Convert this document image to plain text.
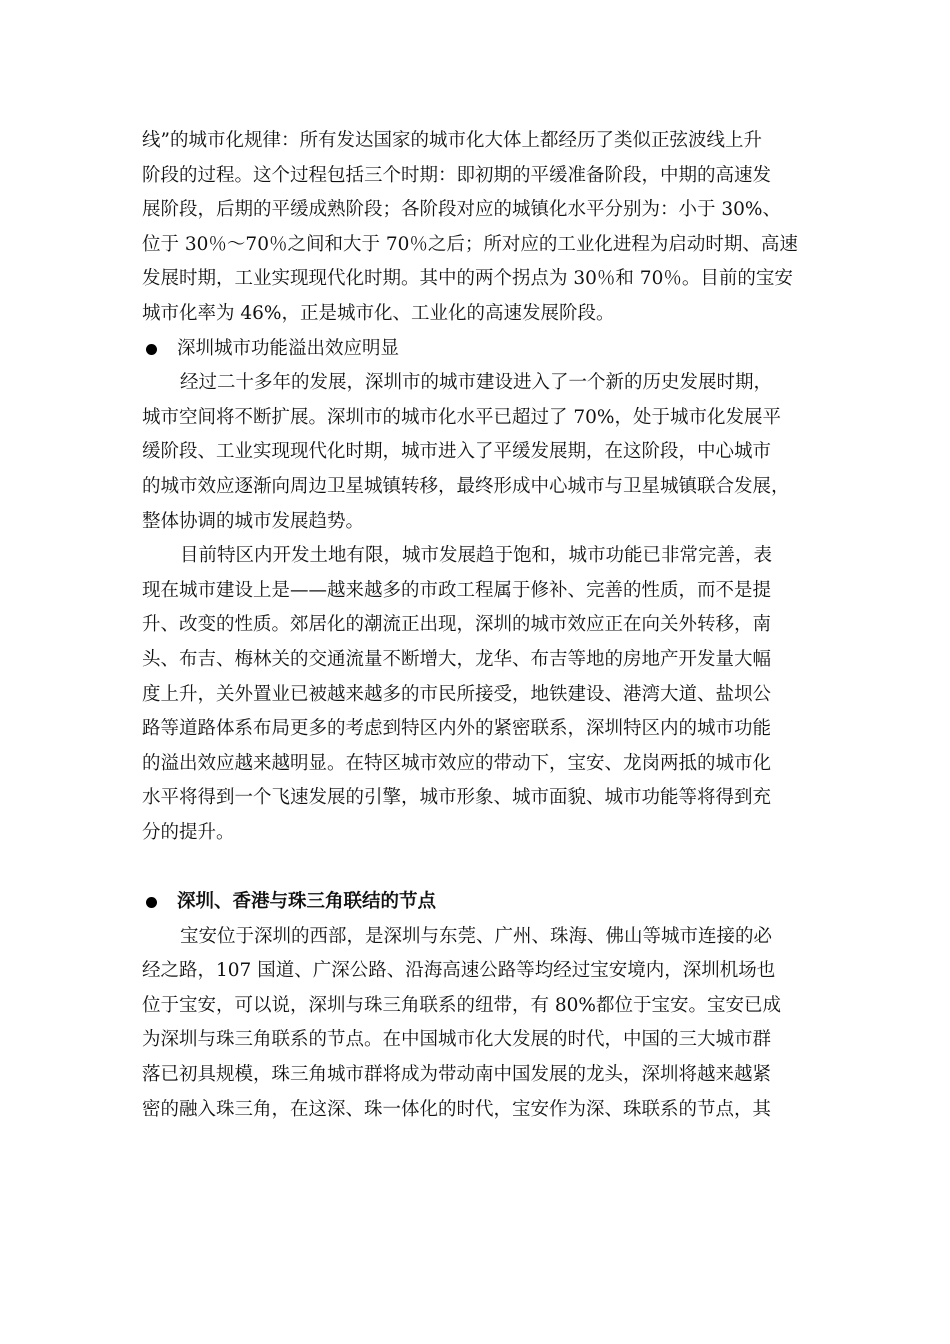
线”的城市化规律：所有发达国家的城市化大体上都经历了类似正弦波线上升
阶段的过程。这个过程包括三个时期：即初期的平缓准备阶段，中期的高速发
展阶段，后期的平缓成熟阶段；各阶段对应的城镇化水平分别为：小于 30%、
位于 30％～70％之间和大于 70％之后；所对应的工业化进程为启动时期、高速
发展时期，工业实现现代化时期。其中的两个拐点为 30％和 70％。目前的宝安
城市化率为 46%，正是城市化、工业化的高速发展阶段。
深圳城市功能溢出效应明显
经过二十多年的发展，深圳市的城市建设进入了一个新的历史发展时期，
城市空间将不断扩展。深圳市的城市化水平已超过了 70%，处于城市化发展平
缓阶段、工业实现现代化时期，城市进入了平缓发展期，在这阶段，中心城市
的城市效应逐渐向周边卫星城镇转移，最终形成中心城市与卫星城镇联合发展，
整体协调的城市发展趋势。
目前特区内开发土地有限，城市发展趋于饱和，城市功能已非常完善，表
现在城市建设上是——越来越多的市政工程属于修补、完善的性质，而不是提
升、改变的性质。郊居化的潮流正出现，深圳的城市效应正在向关外转移，南
头、布吉、梅林关的交通流量不断增大，龙华、布吉等地的房地产开发量大幅
度上升，关外置业已被越来越多的市民所接受，地铁建设、港湾大道、盐坝公
路等道路体系布局更多的考虑到特区内外的紧密联系，深圳特区内的城市功能
的溢出效应越来越明显。在特区城市效应的带动下，宝安、龙岗两抵的城市化
水平将得到一个飞速发展的引擎，城市形象、城市面貌、城市功能等将得到充
分的提升。
深圳、香港与珠三角联结的节点
宝安位于深圳的西部，是深圳与东莞、广州、珠海、佛山等城市连接的必
经之路，107 国道、广深公路、沿海高速公路等均经过宝安境内，深圳机场也
位于宝安，可以说，深圳与珠三角联系的纽带，有 80%都位于宝安。宝安已成
为深圳与珠三角联系的节点。在中国城市化大发展的时代，中国的三大城市群
落已初具规模，珠三角城市群将成为带动南中国发展的龙头，深圳将越来越紧
密的融入珠三角，在这深、珠一体化的时代，宝安作为深、珠联系的节点，其
